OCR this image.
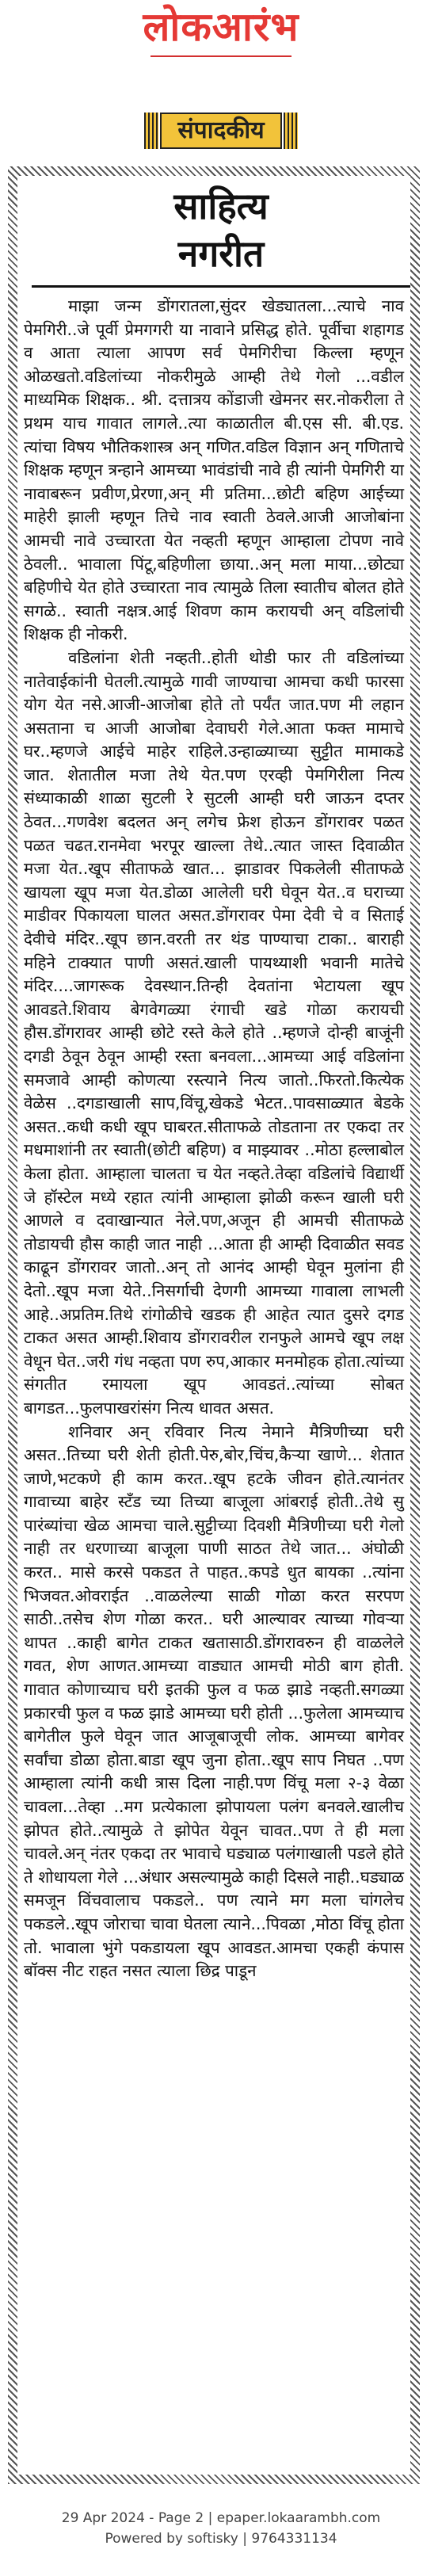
लोकआरंभ
संपादकीय
साहित्य
नगरीत

माझा जन्म डोंगरातला,सुंदर खेड्यातला...त्याचे नाव पेमगिरी..जे पूर्वी प्रेमगगरी या नावाने प्रसिद्ध होते. पूर्वीचा शहागड व आता त्याला आपण सर्व पेमगिरीचा किल्ला म्हणून ओळखतो.वडिलांच्या नोकरीमुळे आम्ही तेथे गेलो ...वडील माध्यमिक शिक्षक.. श्री. दत्तात्रय कोंडाजी खेमनर सर.नोकरीला ते प्रथम याच गावात लागले..त्या काळातील बी.एस सी. बी.एड. त्यांचा विषय भौतिकशास्त्र अन् गणित.वडिल विज्ञान अन् गणिताचे शिक्षक म्हणून त्रन्हाने आमच्या भावंडांची नावे ही त्यांनी पेमगिरी या नावाबरून प्रवीण,प्रेरणा,अन् मी प्रतिमा...छोटी बहिण आईच्या माहेरी झाली म्हणून तिचे नाव स्वाती ठेवले.आजी आजोबांना आमची नावे उच्चारता येत नव्हती म्हणून आम्हाला टोपण नावे ठेवली.. भावाला पिंटू,बहिणीला छाया..अन् मला माया...छोट्या बहिणीचे येत होते उच्चारता नाव त्यामुळे तिला स्वातीच बोलत होते सगळे.. स्वाती नक्षत्र.आई शिवण काम करायची अन् वडिलांची शिक्षक ही नोकरी.

वडिलांना शेती नव्हती..होती थोडी फार ती वडिलांच्या नातेवाईकांनी घेतली.त्यामुळे गावी जाण्याचा आमचा कधी फारसा योग येत नसे.आजी-आजोबा होते तो पर्यंत जात.पण मी लहान असताना च आजी आजोबा देवाघरी गेले.आता फक्त मामाचे घर..म्हणजे आईचे माहेर राहिले.उन्हाळ्याच्या सुट्टीत मामाकडे जात. शेतातील मजा तेथे येत.पण एरव्ही पेमगिरीला नित्य संध्याकाळी शाळा सुटली रे सुटली आम्ही घरी जाऊन दप्तर ठेवत...गणवेश बदलत अन् लगेच फ्रेश होऊन डोंगरावर पळत पळत चढत.रानमेवा भरपूर खाल्ला तेथे..त्यात जास्त दिवाळीत मजा येत..खूप सीताफळे खात... झाडावर पिकलेली सीताफळे खायला खूप मजा येत.डोळा आलेली घरी घेवून येत..व घराच्या माडीवर पिकायला घालत असत.डोंगरावर पेमा देवी चे व सिताई देवीचे मंदिर..खूप छान.वरती तर थंड पाण्याचा टाका.. बाराही महिने टाक्यात पाणी असतं.खाली पायथ्याशी भवानी मातेचे मंदिर....जागरूक देवस्थान.तिन्ही देवतांना भेटायला खूप आवडते.शिवाय बेगवेगळ्या रंगाची खडे गोळा करायची हौस.डोंगरावर आम्ही छोटे रस्ते केले होते ..म्हणजे दोन्ही बाजूंनी दगडी ठेवून ठेवून आम्ही रस्ता बनवला...आमच्या आई वडिलांना समजावे आम्ही कोणत्या रस्त्याने नित्य जातो..फिरतो.कित्येक वेळेस ..दगडाखाली साप,विंचू,खेकडे भेटत..पावसाळ्यात बेडके असत..कधी कधी खूप घाबरत.सीताफळे तोडताना तर एकदा तर मधमाशांनी तर स्वाती(छोटी बहिण) व माझ्यावर ..मोठा हल्लाबोल केला होता. आम्हाला चालता च येत नव्हते.तेव्हा वडिलांचे विद्यार्थी जे हॉस्टेल मध्ये रहात त्यांनी आम्हाला झोळी करून खाली घरी आणले व दवाखान्यात नेले.पण,अजून ही आमची सीताफळे तोडायची हौस काही जात नाही ...आता ही आम्ही दिवाळीत सवड काढून डोंगरावर जातो..अन् तो आनंद आम्ही घेवून मुलांना ही देतो..खूप मजा येते..निसर्गाची देणगी आमच्या गावाला लाभली आहे..अप्रतिम.तिथे रांगोळीचे खडक ही आहेत त्यात दुसरे दगड टाकत असत आम्ही.शिवाय डोंगरावरील रानफुले आमचे खूप लक्ष वेधून घेत..जरी गंध नव्हता पण रुप,आकार मनमोहक होता.त्यांच्या संगतीत रमायला खूप आवडतं..त्यांच्या सोबत बागडत...फुलपाखरांसंग नित्य धावत असत.

शनिवार अन् रविवार नित्य नेमाने मैत्रिणीच्या घरी असत..तिच्या घरी शेती होती.पेरु,बोर,चिंच,कैऱ्या खाणे... शेतात जाणे,भटकणे ही काम करत..खूप हटके जीवन होते.त्यानंतर गावाच्या बाहेर स्टँड च्या तिच्या बाजूला आंबराई होती..तेथे सु पारंब्यांचा खेळ आमचा चाले.सुट्टीच्या दिवशी मैत्रिणीच्या घरी गेलो नाही तर धरणाच्या बाजूला पाणी साठत तेथे जात... अंघोळी करत.. मासे करसे पकडत ते पाहत..कपडे धुत बायका ..त्यांना भिजवत.ओवराईत ..वाळलेल्या साळी गोळा करत सरपण साठी..तसेच शेण गोळा करत.. घरी आल्यावर त्याच्या गोवऱ्या थापत ..काही बागेत टाकत खतासाठी.डोंगरावरुन ही वाळलेले गवत, शेण आणत.आमच्या वाड्यात आमची मोठी बाग होती. गावात कोणाच्याच घरी इतकी फुल व फळ झाडे नव्हती.सगळ्या प्रकारची फुल व फळ झाडे आमच्या घरी होती ...फुलेला आमच्याच बागेतील फुले घेवून जात आजूबाजूची लोक. आमच्या बागेवर सर्वांचा डोळा होता.बाडा खूप जुना होता..खूप साप निघत ..पण आम्हाला त्यांनी कधी त्रास दिला नाही.पण विंचू मला २-३ वेळा चावला...तेव्हा ..मग प्रत्येकाला झोपायला पलंग बनवले.खालीच झोपत होते..त्यामुळे ते झोपेत येवून चावत..पण ते ही मला चावले.अन् नंतर एकदा तर भावाचे घड्याळ पलंगाखाली पडले होते ते शोधायला गेले ...अंधार असल्यामुळे काही दिसले नाही..घड्याळ समजून विंचवालाच पकडले.. पण त्याने मग मला चांगलेच पकडले..खूप जोराचा चावा घेतला त्याने...पिवळा ,मोठा विंचू होता तो. भावाला भुंगे पकडायला खूप आवडत.आमचा एकही कंपास बॉक्स नीट राहत नसत त्याला छिद्र पाडून

29 Apr 2024 - Page 2 | epaper.lokaarambh.com
Powered by softisky | 9764331134
